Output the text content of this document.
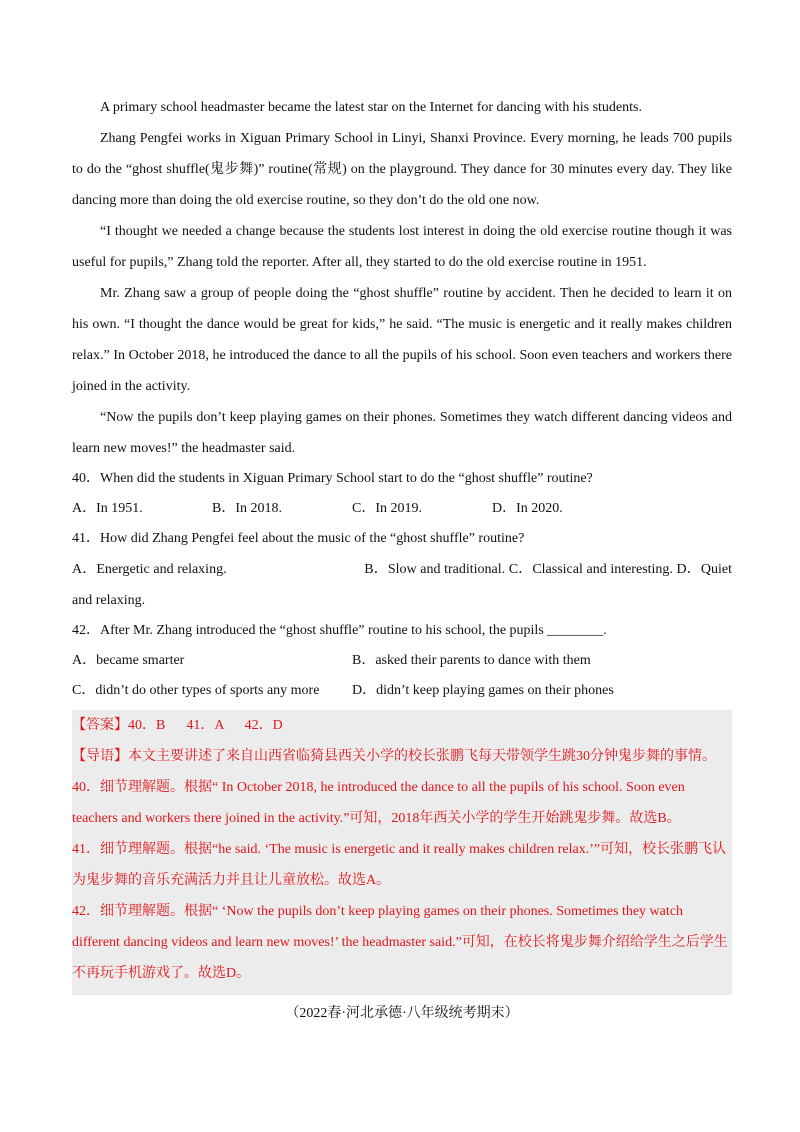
A primary school headmaster became the latest star on the Internet for dancing with his students.

Zhang Pengfei works in Xiguan Primary School in Linyi, Shanxi Province. Every morning, he leads 700 pupils to do the “ghost shuffle(鬼步舞)” routine(常规) on the playground. They dance for 30 minutes every day. They like dancing more than doing the old exercise routine, so they don’t do the old one now.

“I thought we needed a change because the students lost interest in doing the old exercise routine though it was useful for pupils,” Zhang told the reporter. After all, they started to do the old exercise routine in 1951.

Mr. Zhang saw a group of people doing the “ghost shuffle” routine by accident. Then he decided to learn it on his own. “I thought the dance would be great for kids,” he said. “The music is energetic and it really makes children relax.” In October 2018, he introduced the dance to all the pupils of his school. Soon even teachers and workers there joined in the activity.

“Now the pupils don’t keep playing games on their phones. Sometimes they watch different dancing videos and learn new moves!” the headmaster said.

40．When did the students in Xiguan Primary School start to do the “ghost shuffle” routine?

A．In 1951.	B．In 2018.	C．In 2019.	D．In 2020.

41．How did Zhang Pengfei feel about the music of the “ghost shuffle” routine?

A．Energetic and relaxing.                                      B．Slow and traditional. C．Classical and interesting. D．Quiet and relaxing.

42．After Mr. Zhang introduced the “ghost shuffle” routine to his school, the pupils ________.

A．became smarter	B．asked their parents to dance with them
C．didn’t do other types of sports any more	D．didn’t keep playing games on their phones

【答案】40．B      41．A      42．D

【导语】本文主要讲述了来自山西省临猗县西关小学的校长张鹏飞每天带领学生跳30分钟鬼步舞的事情。

40．细节理解题。根据“ In October 2018, he introduced the dance to all the pupils of his school. Soon even teachers and workers there joined in the activity.”可知，2018年西关小学的学生开始跳鬼步舞。故选B。

41．细节理解题。根据“he said. ‘The music is energetic and it really makes children relax.’”可知，校长张鹏飞认为鬼步舞的音乐充满活力并且让儿童放松。故选A。

42．细节理解题。根据“ ‘Now the pupils don’t keep playing games on their phones. Sometimes they watch different dancing videos and learn new moves!’ the headmaster said.”可知，在校长将鬼步舞介绍给学生之后学生不再玩手机游戏了。故选D。

（2022春·河北承德·八年级统考期末）
